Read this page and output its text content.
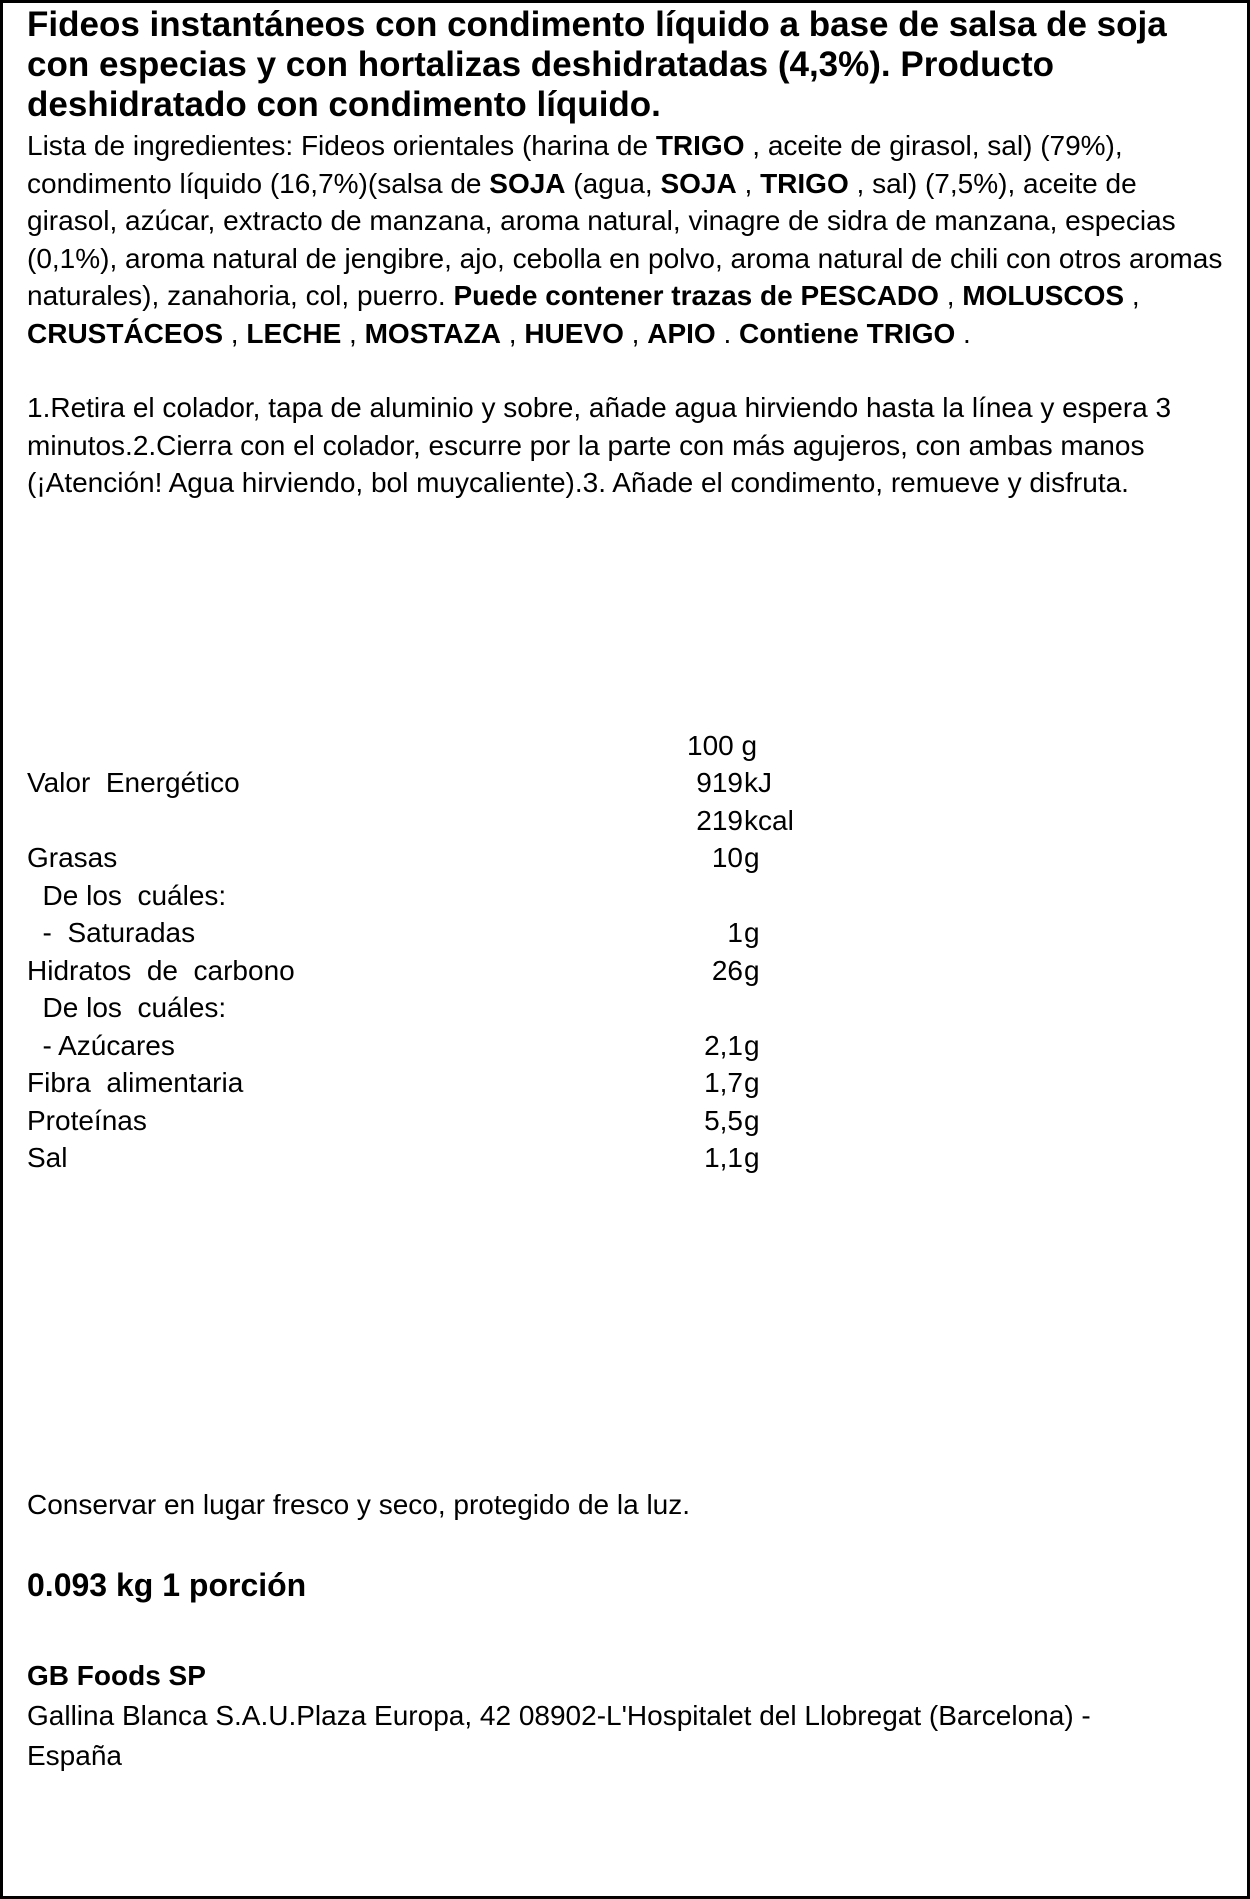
Fideos instantáneos con condimento líquido a base de salsa de soja con especias y con hortalizas deshidratadas (4,3%). Producto deshidratado con condimento líquido.
Lista de ingredientes: Fideos orientales (harina de TRIGO , aceite de girasol, sal) (79%), condimento líquido (16,7%)(salsa de SOJA (agua, SOJA , TRIGO , sal) (7,5%), aceite de girasol, azúcar, extracto de manzana, aroma natural, vinagre de sidra de manzana, especias (0,1%), aroma natural de jengibre, ajo, cebolla en polvo, aroma natural de chili con otros aromas naturales), zanahoria, col, puerro. Puede contener trazas de PESCADO , MOLUSCOS , CRUSTÁCEOS , LECHE , MOSTAZA , HUEVO , APIO . Contiene TRIGO .
1.Retira el colador, tapa de aluminio y sobre, añade agua hirviendo hasta la línea y espera 3 minutos.2.Cierra con el colador, escurre por la parte con más agujeros, con ambas manos (¡Atención! Agua hirviendo, bol muycaliente).3. Añade el condimento, remueve y disfruta.
100 g
Valor  Energético	919 kJ
219 kcal
Grasas	10 g
De los  cuáles:
-  Saturadas	1 g
Hidratos  de  carbono	26 g
De los  cuáles:
- Azúcares	2,1 g
Fibra  alimentaria	1,7 g
Proteínas	5,5 g
Sal	1,1 g
Conservar en lugar fresco y seco, protegido de la luz.
0.093 kg 1 porción
GB Foods SP
Gallina Blanca S.A.U.Plaza Europa, 42 08902-L'Hospitalet del Llobregat (Barcelona) -
España
